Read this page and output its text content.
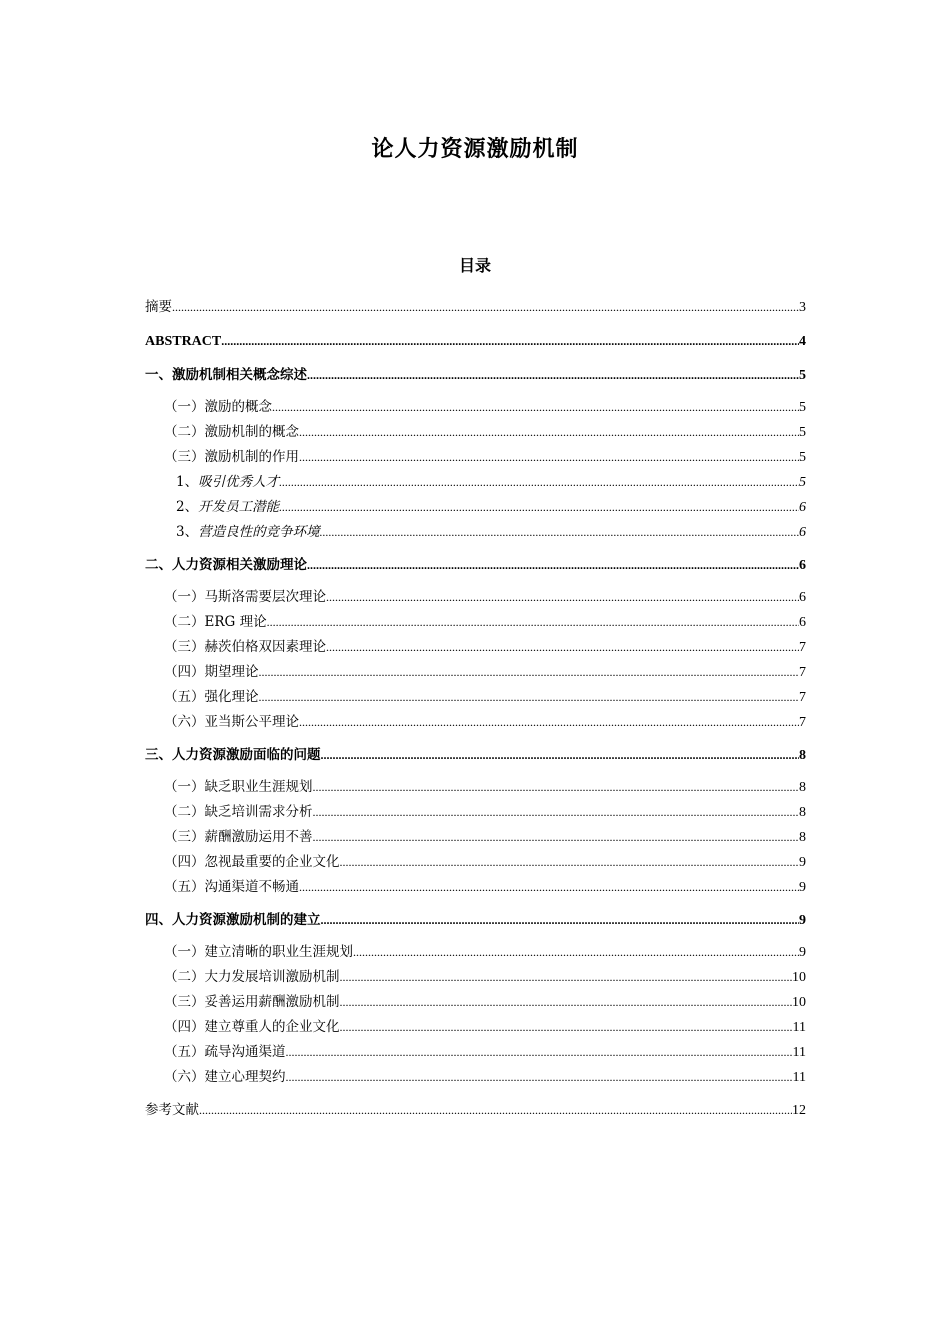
论人力资源激励机制
目录
摘要 .....	3
ABSTRACT .....	4
一、激励机制相关概念综述 .....	5
（一）激励的概念 .....	5
（二）激励机制的概念 .....	5
（三）激励机制的作用 .....	5
1、吸引优秀人才 .....	5
2、开发员工潜能 .....	6
3、营造良性的竞争环境 .....	6
二、人力资源相关激励理论 .....	6
（一）马斯洛需要层次理论 .....	6
（二）ERG 理论 .....	6
（三）赫茨伯格双因素理论 .....	7
（四）期望理论 .....	7
（五）强化理论 .....	7
（六）亚当斯公平理论 .....	7
三、人力资源激励面临的问题 .....	8
（一）缺乏职业生涯规划 .....	8
（二）缺乏培训需求分析 .....	8
（三）薪酬激励运用不善 .....	8
（四）忽视最重要的企业文化 .....	9
（五）沟通渠道不畅通 .....	9
四、人力资源激励机制的建立 .....	9
（一）建立清晰的职业生涯规划 .....	9
（二）大力发展培训激励机制 .....	10
（三）妥善运用薪酬激励机制 .....	10
（四）建立尊重人的企业文化 .....	11
（五）疏导沟通渠道 .....	11
（六）建立心理契约 .....	11
参考文献 .....	12
